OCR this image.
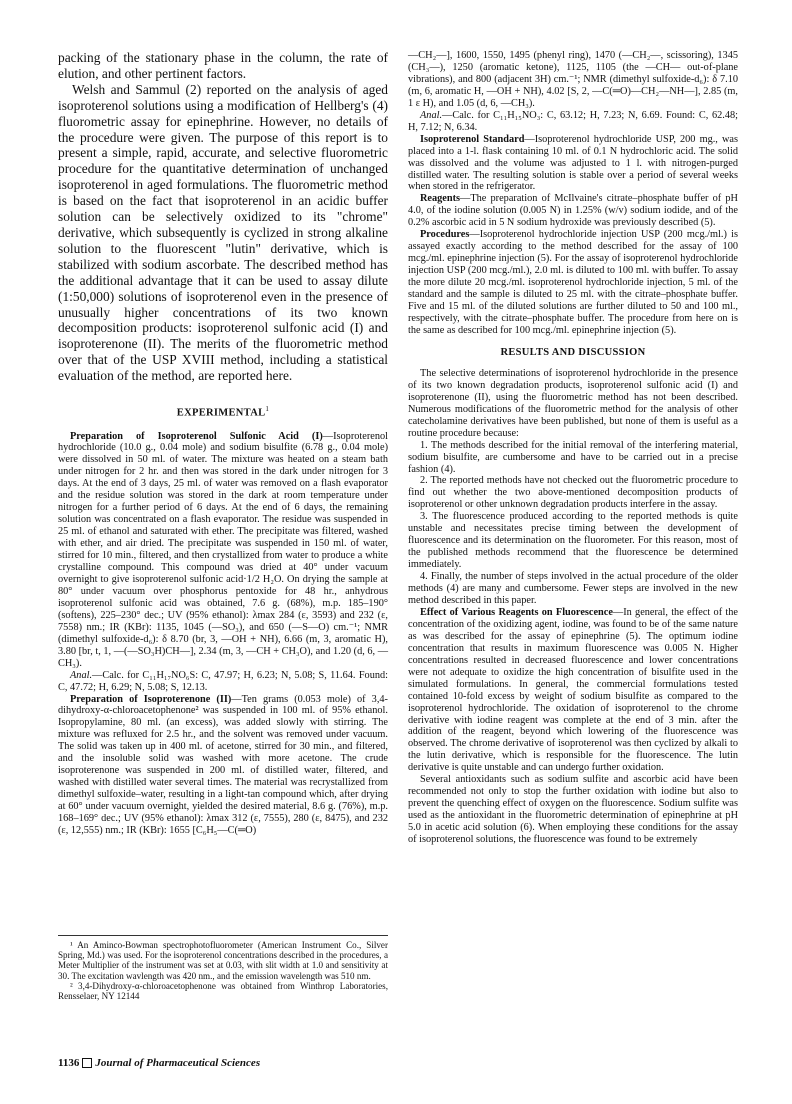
packing of the stationary phase in the column, the rate of elution, and other pertinent factors.

Welsh and Sammul (2) reported on the analysis of aged isoproterenol solutions using a modification of Hellberg's (4) fluorometric assay for epinephrine. However, no details of the procedure were given. The purpose of this report is to present a simple, rapid, accurate, and selective fluorometric procedure for the quantitative determination of unchanged isoproterenol in aged formulations. The fluorometric method is based on the fact that isoproterenol in an acidic buffer solution can be selectively oxidized to its "chrome" derivative, which subsequently is cyclized in strong alkaline solution to the fluorescent "lutin" derivative, which is stabilized with sodium ascorbate. The described method has the additional advantage that it can be used to assay dilute (1:50,000) solutions of isoproterenol even in the presence of unusually higher concentrations of its two known decomposition products: isoproterenol sulfonic acid (I) and isoproterenone (II). The merits of the fluorometric method over that of the USP XVIII method, including a statistical evaluation of the method, are reported here.

EXPERIMENTAL$^1$

Preparation of Isoproterenol Sulfonic Acid (I)—Isoproterenol hydrochloride (10.0 g., 0.04 mole) and sodium bisulfite (6.78 g., 0.04 mole) were dissolved in 50 ml. of water. The mixture was heated on a steam bath under nitrogen for 2 hr. and then was stored in the dark under nitrogen for 3 days. At the end of 3 days, 25 ml. of water was removed on a flash evaporator and the residue solution was stored in the dark at room temperature under nitrogen for a further period of 6 days. At the end of 6 days, the remaining solution was concentrated on a flash evaporator. The residue was suspended in 25 ml. of ethanol and saturated with ether. The precipitate was filtered, washed with ether, and air dried. The precipitate was suspended in 150 ml. of water, stirred for 10 min., filtered, and then crystallized from water to produce a white crystalline compound. This compound was dried at 40° under vacuum overnight to give isoproterenol sulfonic acid·1/2 H₂O. On drying the sample at 80° under vacuum over phosphorus pentoxide for 48 hr., anhydrous isoproterenol sulfonic acid was obtained, 7.6 g. (68%), m.p. 185–190° (softens), 225–230° dec.; UV (95% ethanol): λmax 284 (ε, 3593) and 232 (ε, 7558) nm.; IR (KBr): 1135, 1045 (—SO₃), and 650 (—S—O) cm.⁻¹; NMR (dimethyl sulfoxide-d₆): δ 8.70 (br, 3, —OH + NH), 6.66 (m, 3, aromatic H), 3.80 [br, t, 1, —(—SO₃H)CH—], 2.34 (m, 3, —CH + CH₃O), and 1.20 (d, 6, —CH₃).

Anal.—Calc. for C₁₁H₁₇NO₆S: C, 47.97; H, 6.23; N, 5.08; S, 11.64. Found: C, 47.72; H, 6.29; N, 5.08; S, 12.13.

Preparation of Isoproterenone (II)—Ten grams (0.053 mole) of 3,4-dihydroxy-α-chloroacetophenone² was suspended in 100 ml. of 95% ethanol. Isopropylamine, 80 ml. (an excess), was added slowly with stirring. The mixture was refluxed for 2.5 hr., and the solvent was removed under vacuum. The solid was taken up in 400 ml. of acetone, stirred for 30 min., and filtered, and the insoluble solid was washed with more acetone. The crude isoproterenone was suspended in 200 ml. of distilled water, filtered, and washed with distilled water several times. The material was recrystallized from dimethyl sulfoxide–water, resulting in a light-tan compound which, after drying at 60° under vacuum overnight, yielded the desired material, 8.6 g. (76%), m.p. 168–169° dec.; UV (95% ethanol): λmax 312 (ε, 7555), 280 (ε, 8475), and 232 (ε, 12,555) nm.; IR (KBr): 1655 [C₆H₅—C(═O)

¹ An Aminco-Bowman spectrophotofluorometer (American Instrument Co., Silver Spring, Md.) was used. For the isoproterenol concentrations described in the procedures, a Meter Multiplier of the instrument was set at 0.03, with slit width at 1.0 and sensitivity at 30. The excitation wavlength was 420 nm., and the emission wavelength was 510 nm.

² 3,4-Dihydroxy-α-chloroacetophenone was obtained from Winthrop Laboratories, Rensselaer, NY 12144

1136 Journal of Pharmaceutical Sciences

—CH₂—], 1600, 1550, 1495 (phenyl ring), 1470 (—CH₂—, scissoring), 1345 (CH₃—), 1250 (aromatic ketone), 1125, 1105 (the —CH— out-of-plane vibrations), and 800 (adjacent 3H) cm.⁻¹; NMR (dimethyl sulfoxide-d₆): δ 7.10 (m, 6, aromatic H, —OH + NH), 4.02 [S, 2, —C(═O)—CH₂—NH—], 2.85 (m, 1 ε H), and 1.05 (d, 6, —CH₃).

Anal.—Calc. for C₁₁H₁₅NO₃: C, 63.12; H, 7.23; N, 6.69. Found: C, 62.48; H, 7.12; N, 6.34.

Isoproterenol Standard—Isoproterenol hydrochloride USP, 200 mg., was placed into a 1-l. flask containing 10 ml. of 0.1 N hydrochloric acid. The solid was dissolved and the volume was adjusted to 1 l. with nitrogen-purged distilled water. The resulting solution is stable over a period of several weeks when stored in the refrigerator.

Reagents—The preparation of McIlvaine's citrate–phosphate buffer of pH 4.0, of the iodine solution (0.005 N) in 1.25% (w/v) sodium iodide, and of the 0.2% ascorbic acid in 5 N sodium hydroxide was previously described (5).

Procedures—Isoproterenol hydrochloride injection USP (200 mcg./ml.) is assayed exactly according to the method described for the assay of 100 mcg./ml. epinephrine injection (5). For the assay of isoproterenol hydrochloride injection USP (200 mcg./ml.), 2.0 ml. is diluted to 100 ml. with buffer. To assay the more dilute 20 mcg./ml. isoproterenol hydrochloride injection, 5 ml. of the standard and the sample is diluted to 25 ml. with the citrate–phosphate buffer. Five and 15 ml. of the diluted solutions are further diluted to 50 and 100 ml., respectively, with the citrate–phosphate buffer. The procedure from here on is the same as described for 100 mcg./ml. epinephrine injection (5).

RESULTS AND DISCUSSION

The selective determinations of isoproterenol hydrochloride in the presence of its two known degradation products, isoproterenol sulfonic acid (I) and isoproterenone (II), using the fluorometric method has not been described. Numerous modifications of the fluorometric method for the analysis of other catecholamine derivatives have been published, but none of them is useful as a routine procedure because:

1. The methods described for the initial removal of the interfering material, sodium bisulfite, are cumbersome and have to be carried out in a precise fashion (4).

2. The reported methods have not checked out the fluorometric procedure to find out whether the two above-mentioned decomposition products of isoproterenol or other unknown degradation products interfere in the assay.

3. The fluorescence produced according to the reported methods is quite unstable and necessitates precise timing between the development of fluorescence and its determination on the fluorometer. For this reason, most of the published methods recommend that the fluorescence be determined immediately.

4. Finally, the number of steps involved in the actual procedure of the older methods (4) are many and cumbersome. Fewer steps are involved in the new method described in this paper.

Effect of Various Reagents on Fluorescence—In general, the effect of the concentration of the oxidizing agent, iodine, was found to be of the same nature as was described for the assay of epinephrine (5). The optimum iodine concentration that results in maximum fluorescence was 0.005 N. Higher concentrations resulted in decreased fluorescence and lower concentrations were not adequate to oxidize the high concentration of bisulfite used in the simulated formulations. In general, the commercial formulations tested contained 10-fold excess by weight of sodium bisulfite as compared to the isoproterenol hydrochloride. The oxidation of isoproterenol to the chrome derivative with iodine reagent was complete at the end of 3 min. after the addition of the reagent, beyond which lowering of the fluorescence was observed. The chrome derivative of isoproterenol was then cyclized by alkali to the lutin derivative, which is responsible for the fluorescence. The lutin derivative is quite unstable and can undergo further oxidation.

Several antioxidants such as sodium sulfite and ascorbic acid have been recommended not only to stop the further oxidation with iodine but also to prevent the quenching effect of oxygen on the fluorescence. Sodium sulfite was used as the antioxidant in the fluorometric determination of epinephrine at pH 5.0 in acetic acid solution (6). When employing these conditions for the assay of isoproterenol solutions, the fluorescence was found to be extremely
